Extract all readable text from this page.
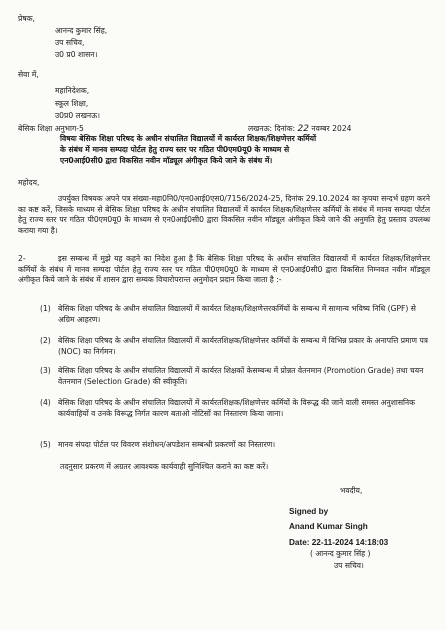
प्रेषक,
आनन्द कुमार सिंह,
उप सचिव,
उ0 प्र0 शासन।
सेवा में,
महानिदेशक,
स्कूल शिक्षा,
उ0प्र0 लखनऊ।
बेसिक शिक्षा अनुभाग-5	लखनऊ: दिनांक: 22 नवम्बर 2024
विषयः बेसिक शिक्षा परिषद के अधीन संचालित विद्यालयों में कार्यरत शिक्षक/शिक्षणेत्तर कर्मियों
के संबंध में मानव सम्पदा पोर्टल हेतु राज्य स्तर पर गठित पी0एम0यू0 के माध्यम से
एन0आई0सी0 द्वारा विकसित नवीन मॉड्यूल अंगीकृत किये जाने के संबंध में।
महोदय,
उपर्युक्त विषयक अपने पत्र संख्या-महा0नि0/एन0आई0एस0/7156/2024-25, दिनांक 29.10.2024 का कृपया सन्दर्भ ग्रहण करने का कष्ट करें, जिसके माध्यम से बेसिक शिक्षा परिषद के अधीन संचालित विद्यालयों में कार्यरत शिक्षक/शिक्षणेत्तर कर्मियों के संबंध में मानव सम्पदा पोर्टल हेतु राज्य स्तर पर गठित पी0एम0यू0 के माध्यम से एन0आई0सी0 द्वारा विकसित नवीन मॉड्यूल अंगीकृत किये जाने की अनुमति हेतु प्रस्ताव उपलब्ध कराया गया है।
2-	इस सम्बन्ध में मुझे यह कहने का निदेश हुआ है कि बेसिक शिक्षा परिषद के अधीन संचालित विद्यालयों में कार्यरत शिक्षक/शिक्षणेत्तर कर्मियों के संबंध में मानव सम्पदा पोर्टल हेतु राज्य स्तर पर गठित पी0एम0यू0 के माध्यम से एन0आई0सी0 द्वारा विकसित निम्नवत नवीन मॉड्यूल अंगीकृत किये जाने के संबंध में शासन द्वारा सम्यक विचारोपरान्त अनुमोदन प्रदान किया जाता है :-
(1) बेसिक शिक्षा परिषद के अधीन संचालित विद्यालयों में कार्यरत शिक्षक/शिक्षणेत्तरकर्मियों के सम्बन्ध में सामान्य भविष्य निधि (GPF) से अग्रिम आहरण।
(2) बेसिक शिक्षा परिषद के अधीन संचालित विद्यालयों में कार्यरतशिक्षक/शिक्षणेत्तर कर्मियों के सम्बन्ध में विभिन्न प्रकार के अनापत्ति प्रमाण पत्र (NOC) का निर्गमन।
(3) बेसिक शिक्षा परिषद के अधीन संचालित विद्यालयों में कार्यरत शिक्षकों केसम्बन्ध में प्रोन्नत वेतनमान (Promotion Grade) तथा चयन वेतनमान (Selection Grade) की स्वीकृति।
(4) बेसिक शिक्षा परिषद के अधीन संचालित विद्यालयों में कार्यरतशिक्षक/शिक्षणेत्तर कर्मियों के विरूद्ध की जाने वाली समस्त अनुशासनिक कार्यवाहियों व उनके विरूद्ध निर्गत कारण बताओ नोटिसों का निस्तारण किया जाना।
(5) मानव संपदा पोर्टल पर विवरण संशोधन/अपडेशन सम्बन्धी प्रकरणों का निस्तारण।
तदनुसार प्रकरण में अग्रतर आवश्यक कार्यवाही सुनिश्चित कराने का कष्ट करें।
भवदीय,
Signed by
Anand Kumar Singh
Date: 22-11-2024 14:18:03
( आनन्द कुमार सिंह )
उप सचिव।
